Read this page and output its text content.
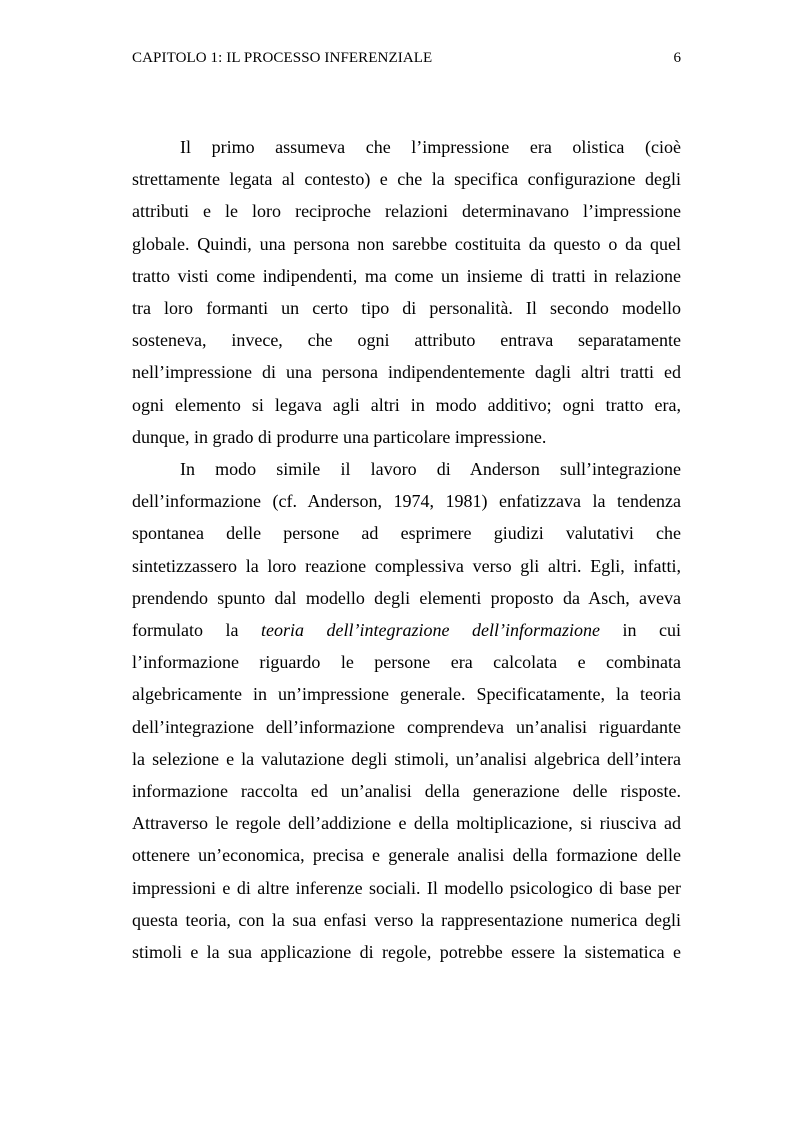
CAPITOLO 1: IL PROCESSO INFERENZIALE	6

Il primo assumeva che l’impressione era olistica (cioè
strettamente legata al contesto) e che la specifica configurazione degli
attributi e le loro reciproche relazioni determinavano l’impressione
globale. Quindi, una persona non sarebbe costituita da questo o da quel
tratto visti come indipendenti, ma come un insieme di tratti in relazione
tra loro formanti un certo tipo di personalità. Il secondo modello
sosteneva, invece, che ogni attributo entrava separatamente
nell’impressione di una persona indipendentemente dagli altri tratti ed
ogni elemento si legava agli altri in modo additivo; ogni tratto era,
dunque, in grado di produrre una particolare impressione.

In modo simile il lavoro di Anderson sull’integrazione
dell’informazione (cf. Anderson, 1974, 1981) enfatizzava la tendenza
spontanea delle persone ad esprimere giudizi valutativi che
sintetizzassero la loro reazione complessiva verso gli altri. Egli, infatti,
prendendo spunto dal modello degli elementi proposto da Asch, aveva
formulato la teoria dell’integrazione dell’informazione in cui
l’informazione riguardo le persone era calcolata e combinata
algebricamente in un’impressione generale. Specificatamente, la teoria
dell’integrazione dell’informazione comprendeva un’analisi riguardante
la selezione e la valutazione degli stimoli, un’analisi algebrica dell’intera
informazione raccolta ed un’analisi della generazione delle risposte.
Attraverso le regole dell’addizione e della moltiplicazione, si riusciva ad
ottenere un’economica, precisa e generale analisi della formazione delle
impressioni e di altre inferenze sociali. Il modello psicologico di base per
questa teoria, con la sua enfasi verso la rappresentazione numerica degli
stimoli e la sua applicazione di regole, potrebbe essere la sistematica e
